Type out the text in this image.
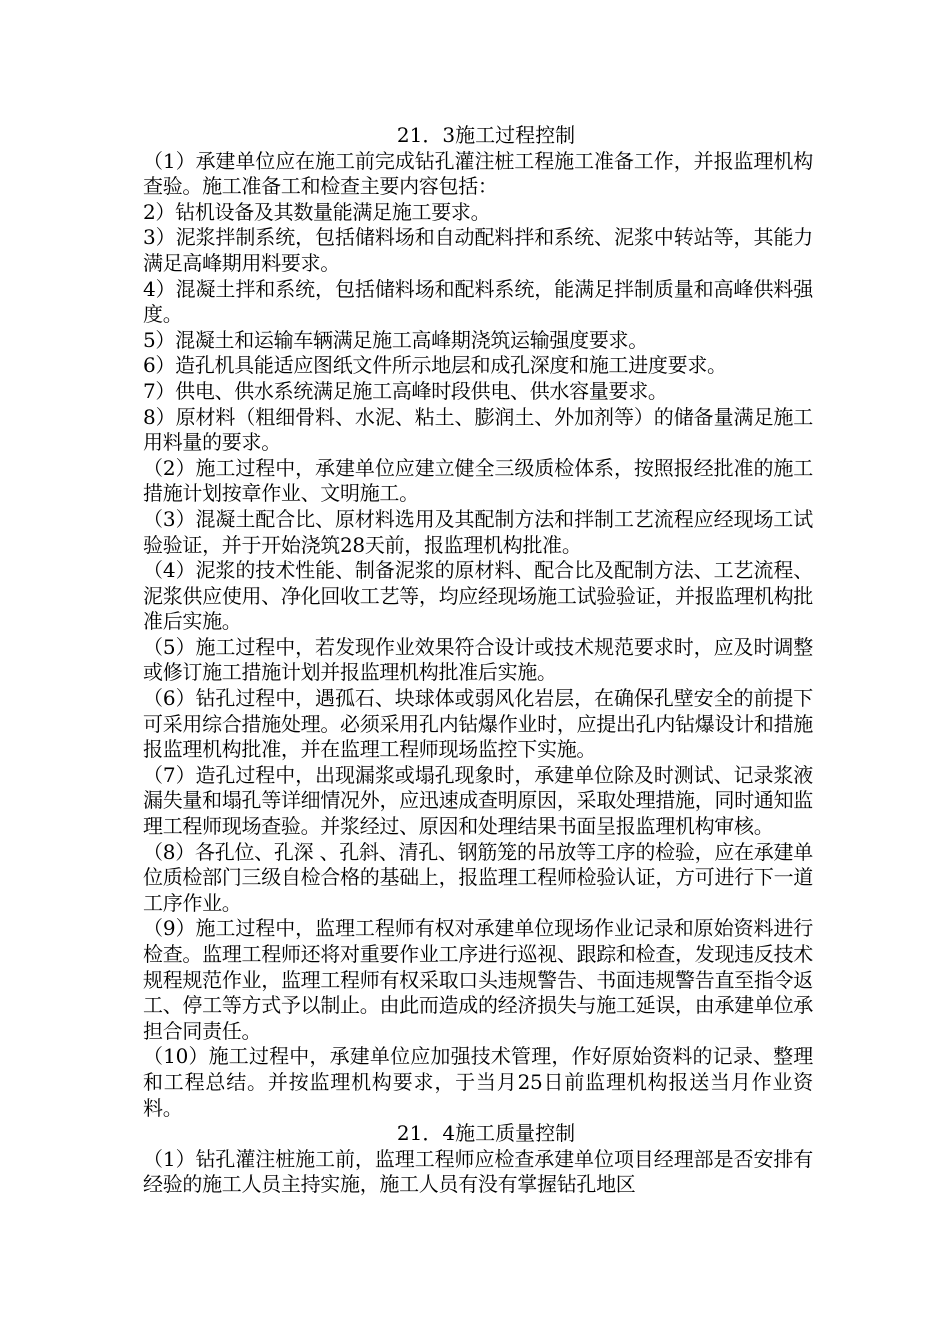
21．3施工过程控制

（1）承建单位应在施工前完成钻孔灌注桩工程施工准备工作，并报监理机构查验。施工准备工和检查主要内容包括：

2）钻机设备及其数量能满足施工要求。

3）泥浆拌制系统，包括储料场和自动配料拌和系统、泥浆中转站等，其能力满足高峰期用料要求。

4）混凝土拌和系统，包括储料场和配料系统，能满足拌制质量和高峰供料强度。

5）混凝土和运输车辆满足施工高峰期浇筑运输强度要求。

6）造孔机具能适应图纸文件所示地层和成孔深度和施工进度要求。

7）供电、供水系统满足施工高峰时段供电、供水容量要求。

8）原材料（粗细骨料、水泥、粘土、膨润土、外加剂等）的储备量满足施工用料量的要求。

（2）施工过程中，承建单位应建立健全三级质检体系，按照报经批准的施工措施计划按章作业、文明施工。

（3）混凝土配合比、原材料选用及其配制方法和拌制工艺流程应经现场工试验验证，并于开始浇筑28天前，报监理机构批准。

（4）泥浆的技术性能、制备泥浆的原材料、配合比及配制方法、工艺流程、泥浆供应使用、净化回收工艺等，均应经现场施工试验验证，并报监理机构批准后实施。

（5）施工过程中，若发现作业效果符合设计或技术规范要求时，应及时调整或修订施工措施计划并报监理机构批准后实施。

（6）钻孔过程中，遇孤石、块球体或弱风化岩层，在确保孔壁安全的前提下可采用综合措施处理。必须采用孔内钻爆作业时，应提出孔内钻爆设计和措施报监理机构批准，并在监理工程师现场监控下实施。

（7）造孔过程中，出现漏浆或塌孔现象时，承建单位除及时测试、记录浆液漏失量和塌孔等详细情况外，应迅速成查明原因，采取处理措施，同时通知监理工程师现场查验。并浆经过、原因和处理结果书面呈报监理机构审核。

（8）各孔位、孔深 、孔斜、清孔、钢筋笼的吊放等工序的检验，应在承建单位质检部门三级自检合格的基础上，报监理工程师检验认证，方可进行下一道工序作业。

（9）施工过程中，监理工程师有权对承建单位现场作业记录和原始资料进行检查。监理工程师还将对重要作业工序进行巡视、跟踪和检查，发现违反技术规程规范作业，监理工程师有权采取口头违规警告、书面违规警告直至指令返工、停工等方式予以制止。由此而造成的经济损失与施工延误，由承建单位承担合同责任。

（10）施工过程中，承建单位应加强技术管理，作好原始资料的记录、整理和工程总结。并按监理机构要求，于当月25日前监理机构报送当月作业资料。

21．4施工质量控制

（1）钻孔灌注桩施工前，监理工程师应检查承建单位项目经理部是否安排有经验的施工人员主持实施，施工人员有没有掌握钻孔地区
